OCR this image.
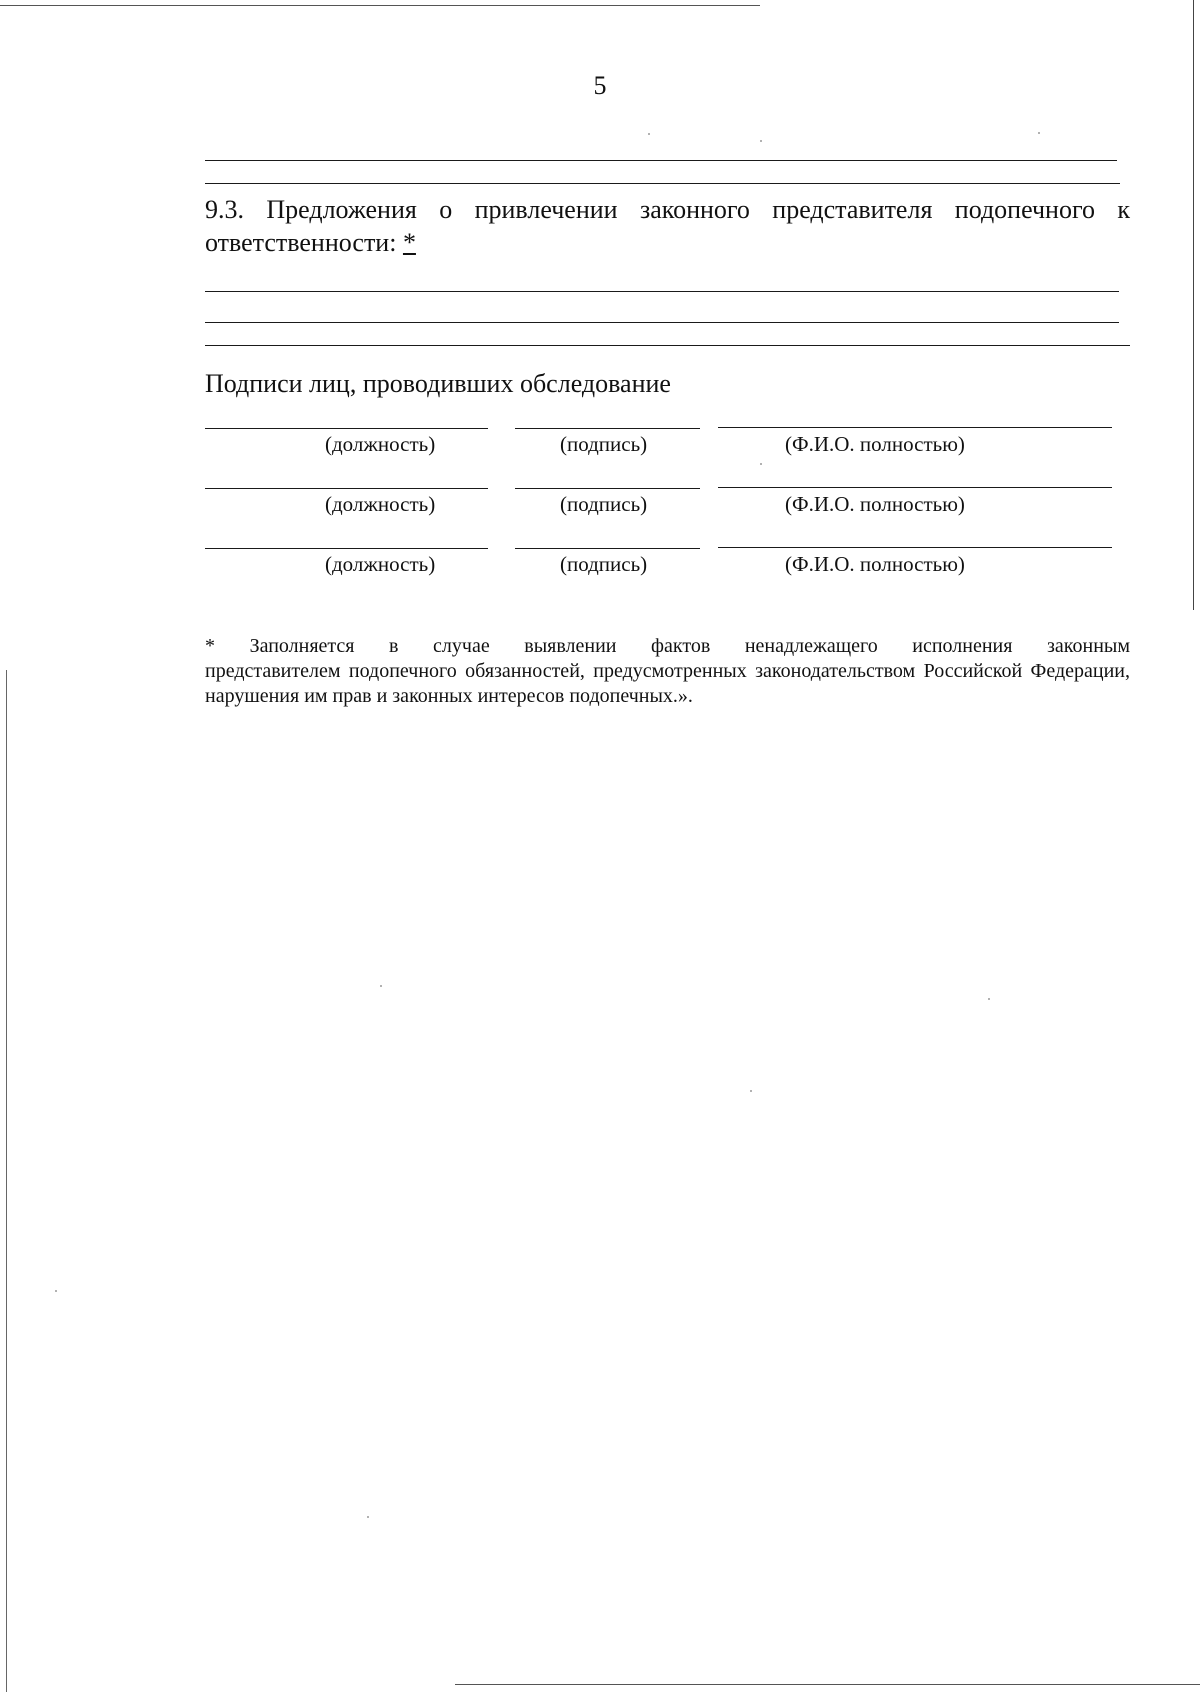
5
9.3. Предложения о привлечении законного представителя подопечного к ответственности: *
Подписи лиц, проводивших обследование
(должность)	(подпись)	(Ф.И.О. полностью)
(должность)	(подпись)	(Ф.И.О. полностью)
(должность)	(подпись)	(Ф.И.О. полностью)

* Заполняется в случае выявлении фактов ненадлежащего исполнения законным

представителем подопечного обязанностей, предусмотренных законодательством Российской Федерации, нарушения им прав и законных интересов подопечных.».
